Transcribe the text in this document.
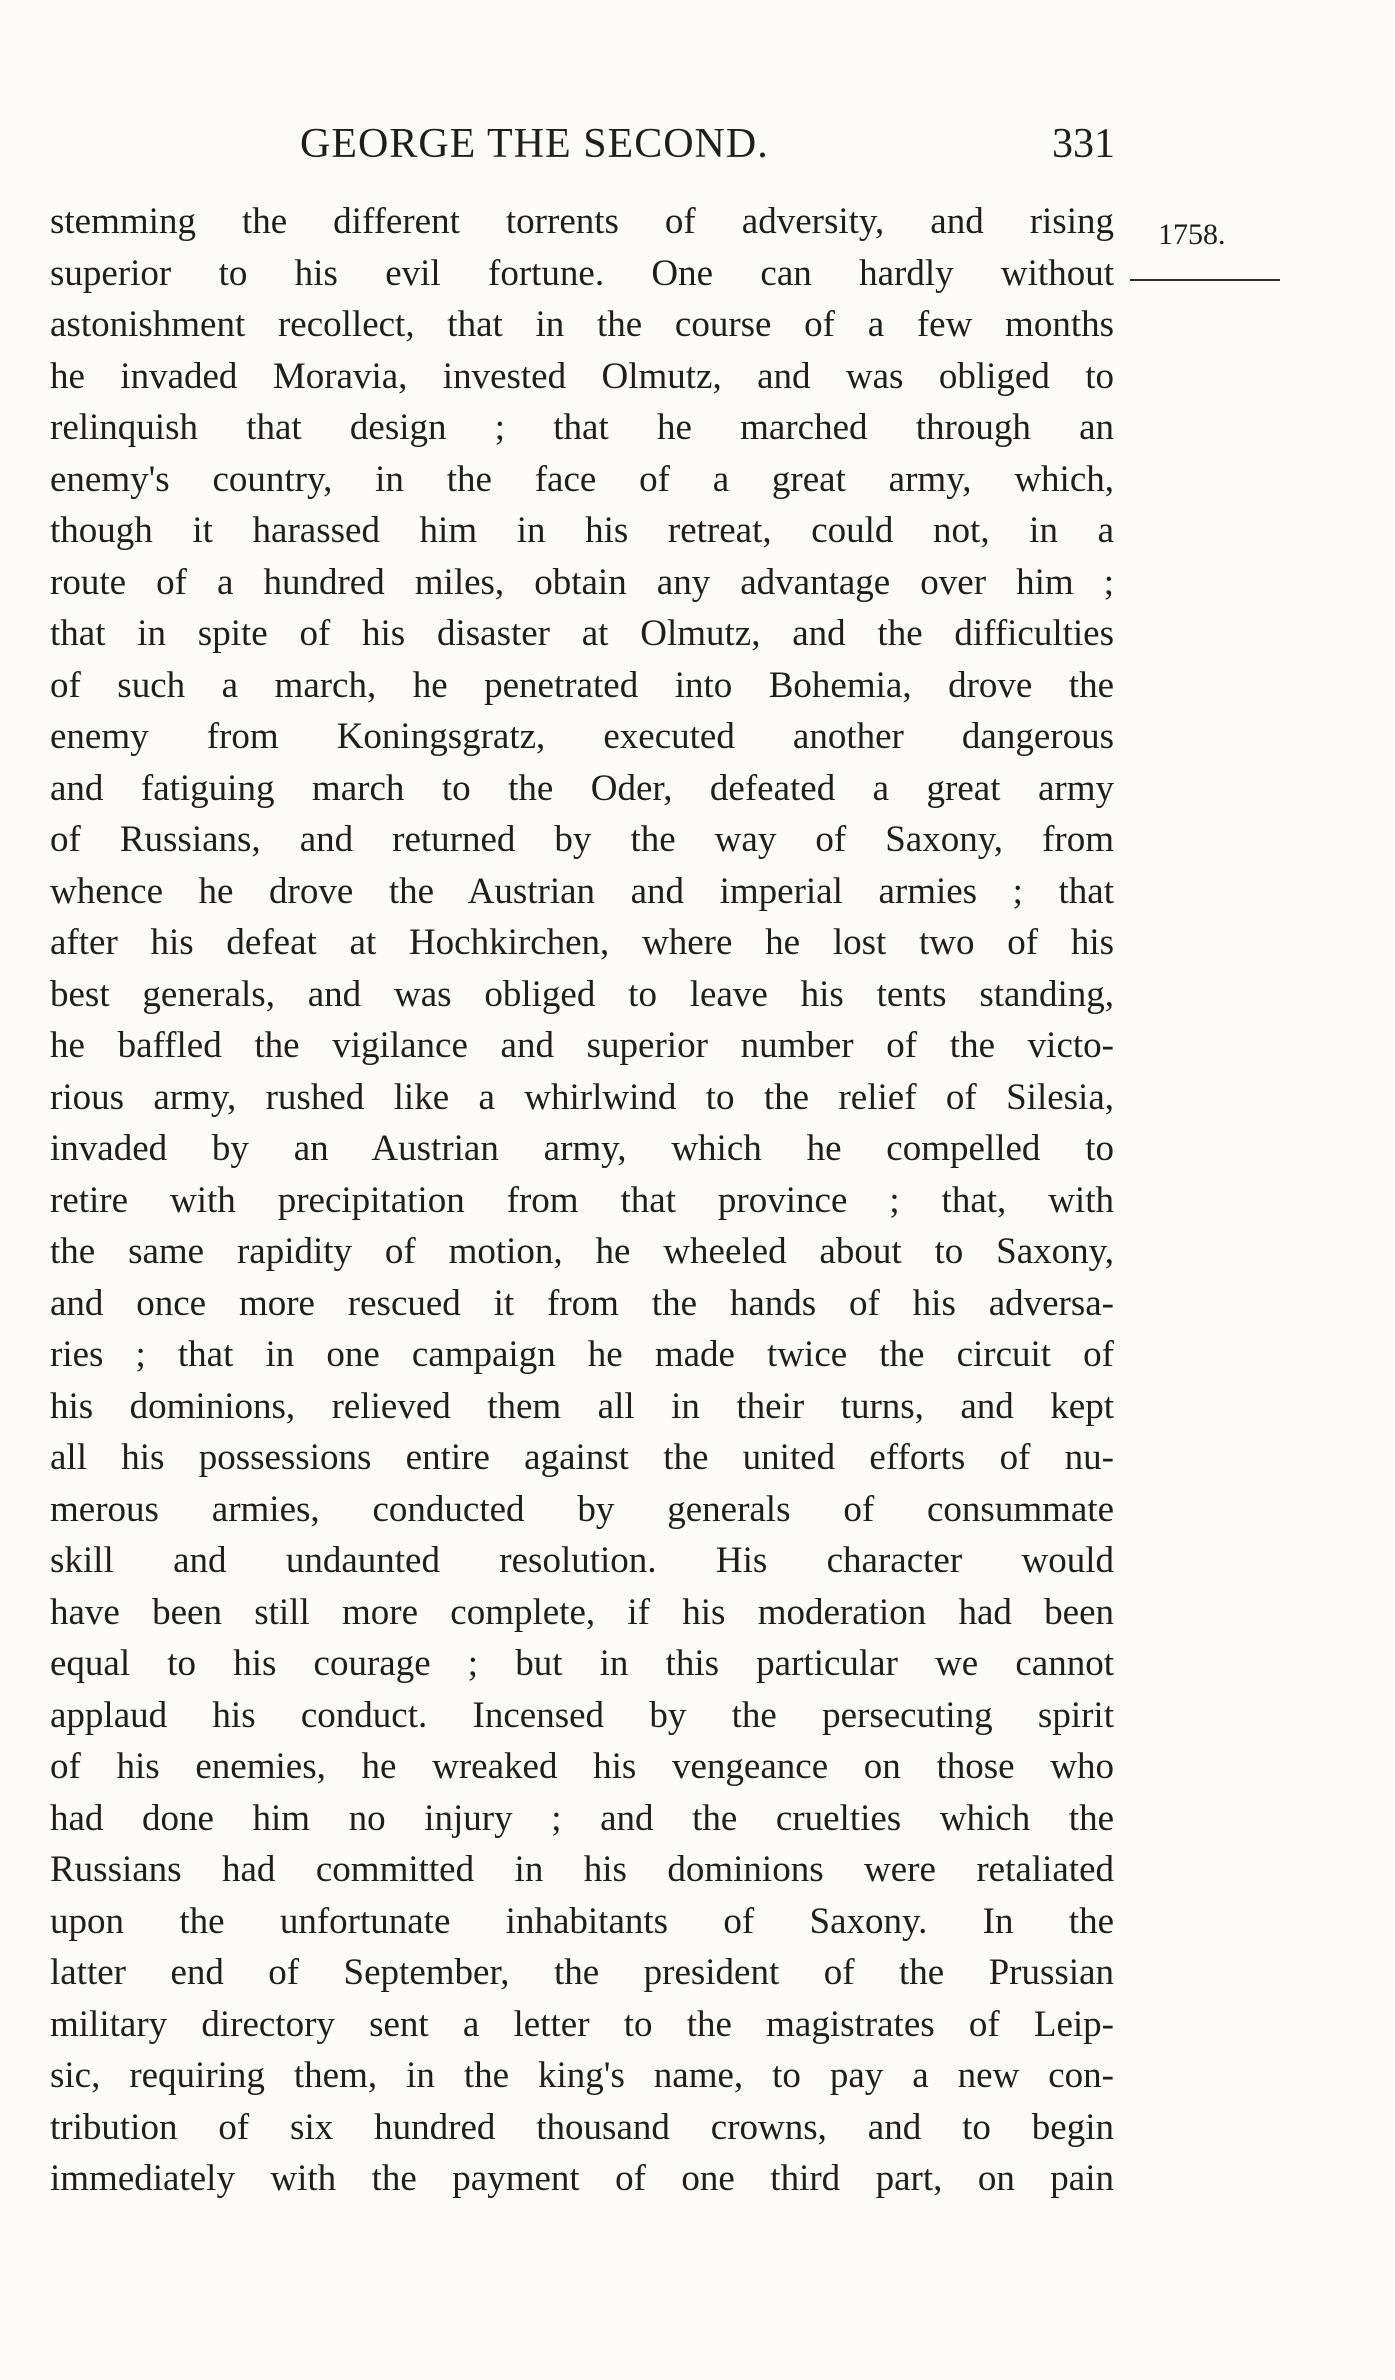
GEORGE THE SECOND.	331
1758.
stemming the different torrents of adversity, and rising
superior to his evil fortune. One can hardly without
astonishment recollect, that in the course of a few months
he invaded Moravia, invested Olmutz, and was obliged to
relinquish that design ; that he marched through an
enemy's country, in the face of a great army, which,
though it harassed him in his retreat, could not, in a
route of a hundred miles, obtain any advantage over him ;
that in spite of his disaster at Olmutz, and the difficulties
of such a march, he penetrated into Bohemia, drove the
enemy from Koningsgratz, executed another dangerous
and fatiguing march to the Oder, defeated a great army
of Russians, and returned by the way of Saxony, from
whence he drove the Austrian and imperial armies ; that
after his defeat at Hochkirchen, where he lost two of his
best generals, and was obliged to leave his tents standing,
he baffled the vigilance and superior number of the victo-
rious army, rushed like a whirlwind to the relief of Silesia,
invaded by an Austrian army, which he compelled to
retire with precipitation from that province ; that, with
the same rapidity of motion, he wheeled about to Saxony,
and once more rescued it from the hands of his adversa-
ries ; that in one campaign he made twice the circuit of
his dominions, relieved them all in their turns, and kept
all his possessions entire against the united efforts of nu-
merous armies, conducted by generals of consummate
skill and undaunted resolution. His character would
have been still more complete, if his moderation had been
equal to his courage ; but in this particular we cannot
applaud his conduct. Incensed by the persecuting spirit
of his enemies, he wreaked his vengeance on those who
had done him no injury ; and the cruelties which the
Russians had committed in his dominions were retaliated
upon the unfortunate inhabitants of Saxony. In the
latter end of September, the president of the Prussian
military directory sent a letter to the magistrates of Leip-
sic, requiring them, in the king's name, to pay a new con-
tribution of six hundred thousand crowns, and to begin
immediately with the payment of one third part, on pain
